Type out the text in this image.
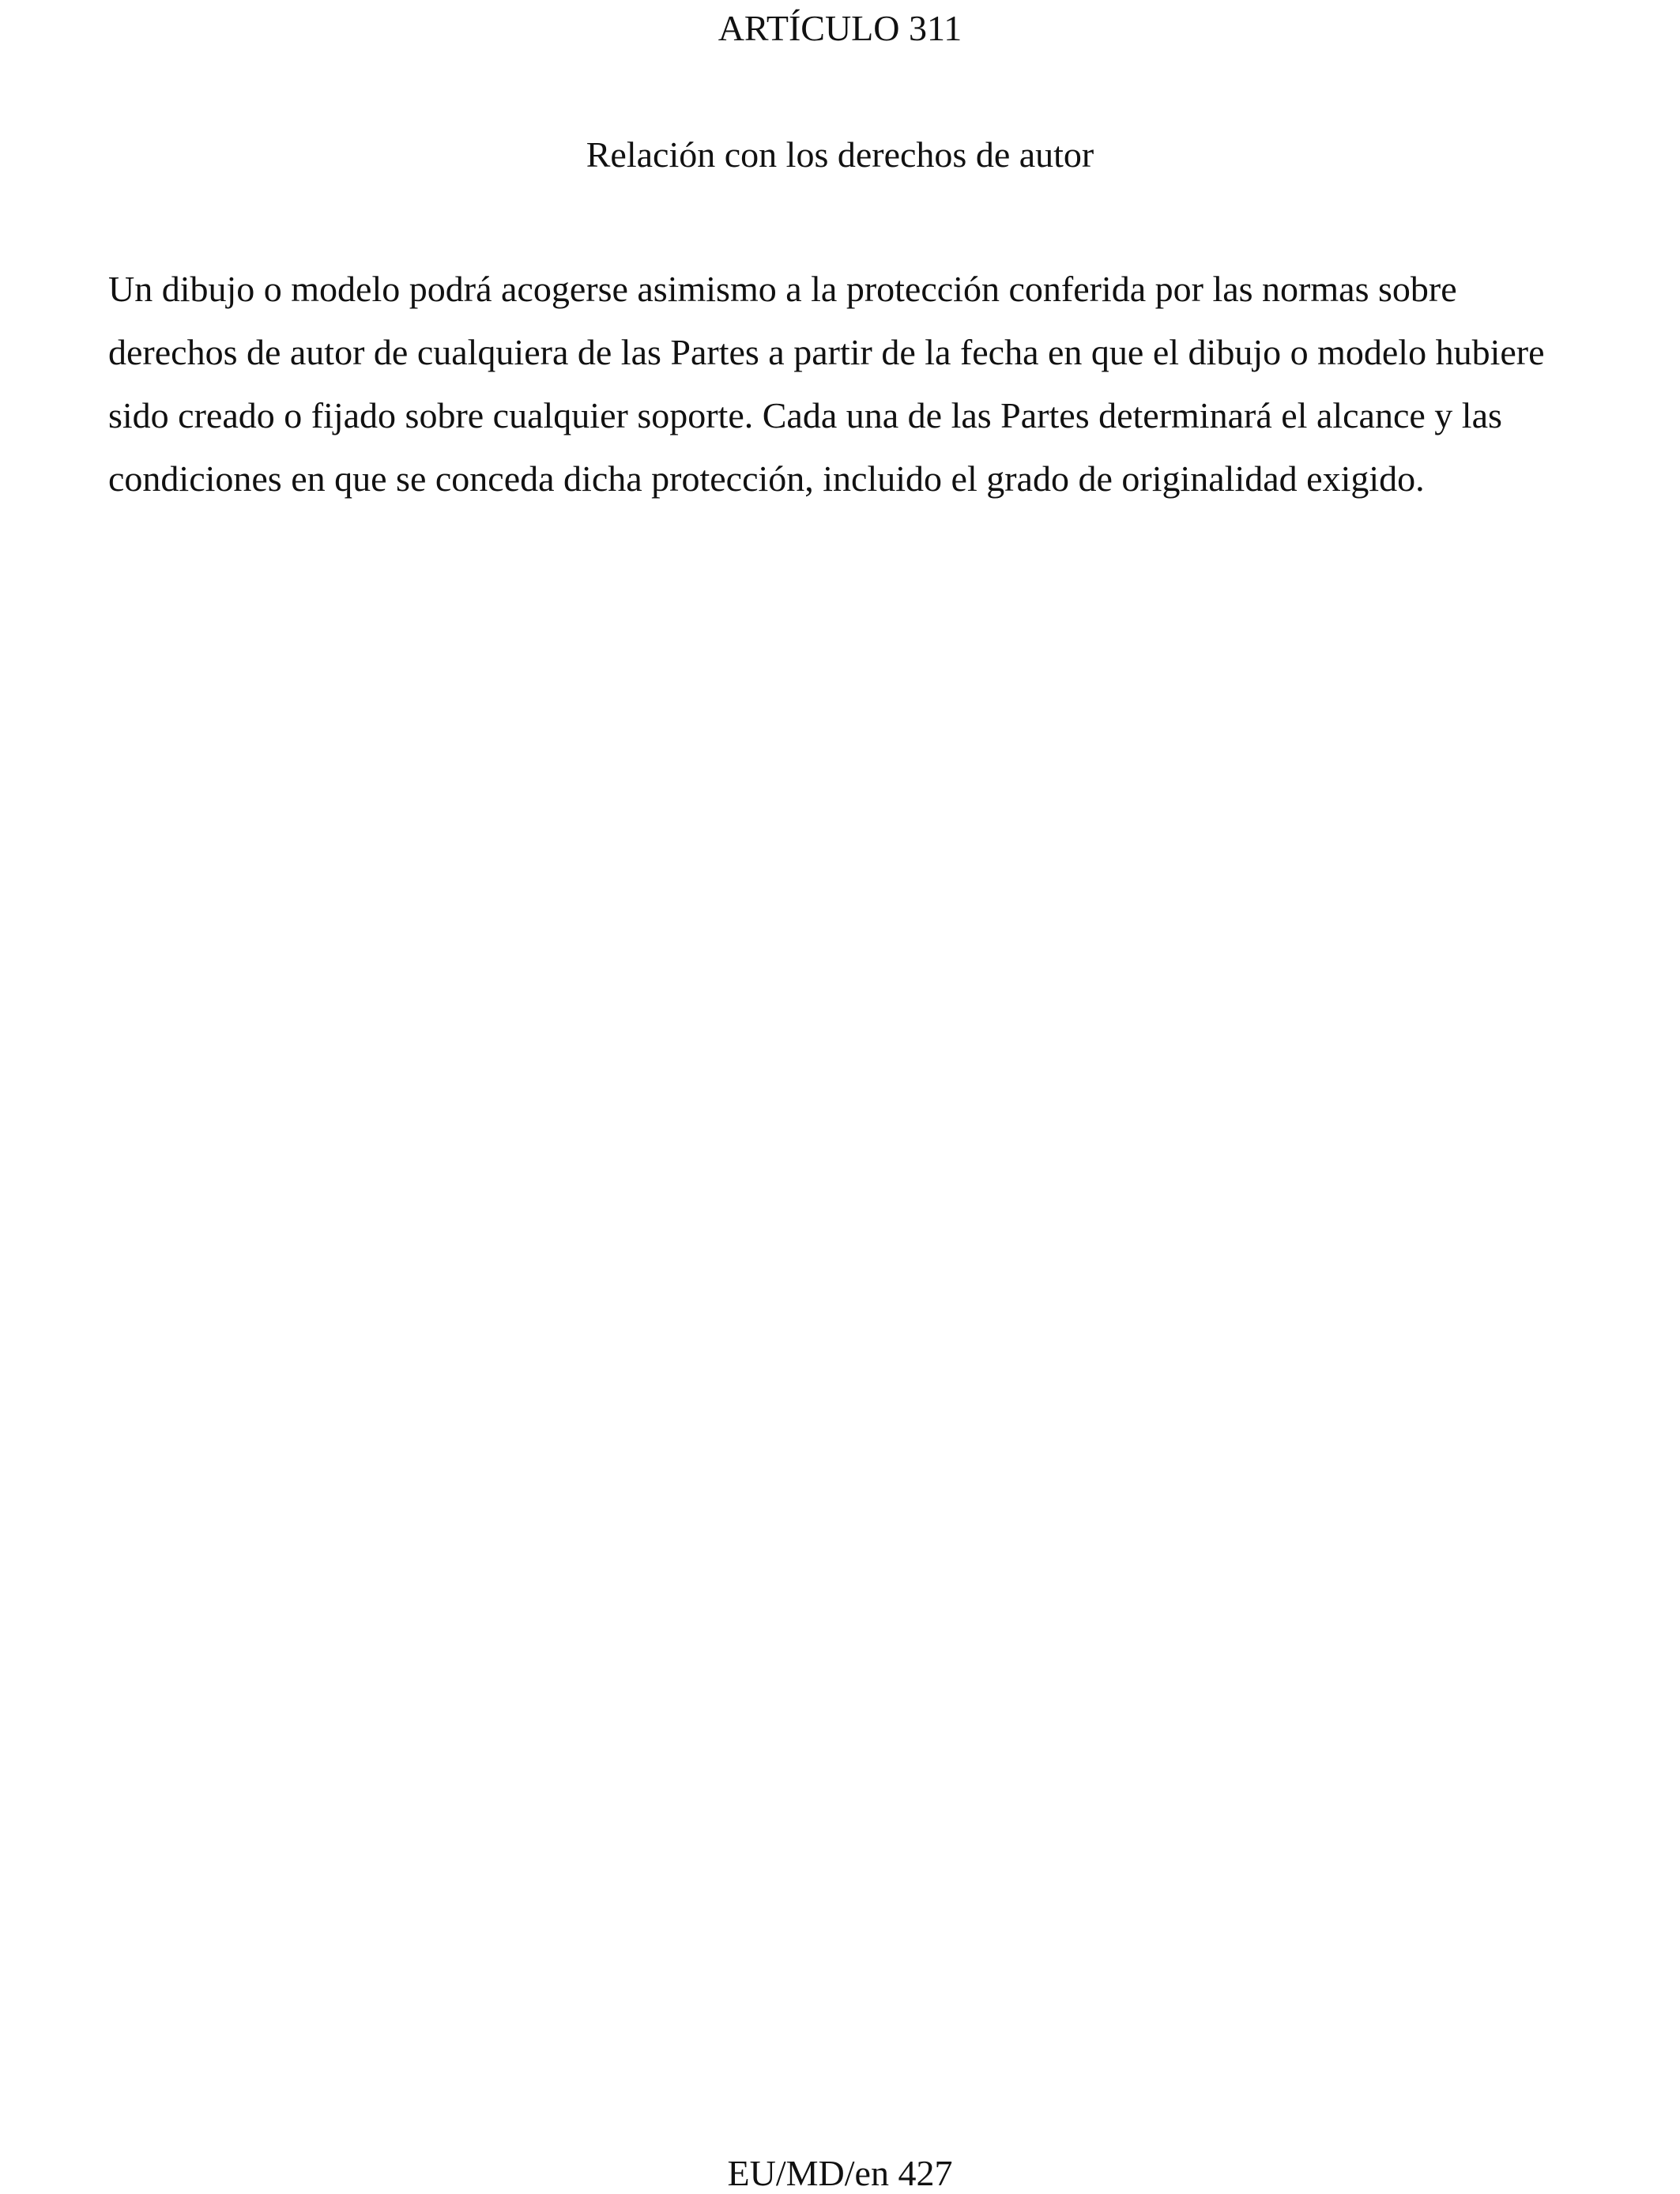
ARTÍCULO 311
Relación con los derechos de autor

Un dibujo o modelo podrá acogerse asimismo a la protección conferida por las normas sobre
derechos de autor de cualquiera de las Partes a partir de la fecha en que el dibujo o modelo hubiere
sido creado o fijado sobre cualquier soporte. Cada una de las Partes determinará el alcance y las
condiciones en que se conceda dicha protección, incluido el grado de originalidad exigido.

EU/MD/en 427
